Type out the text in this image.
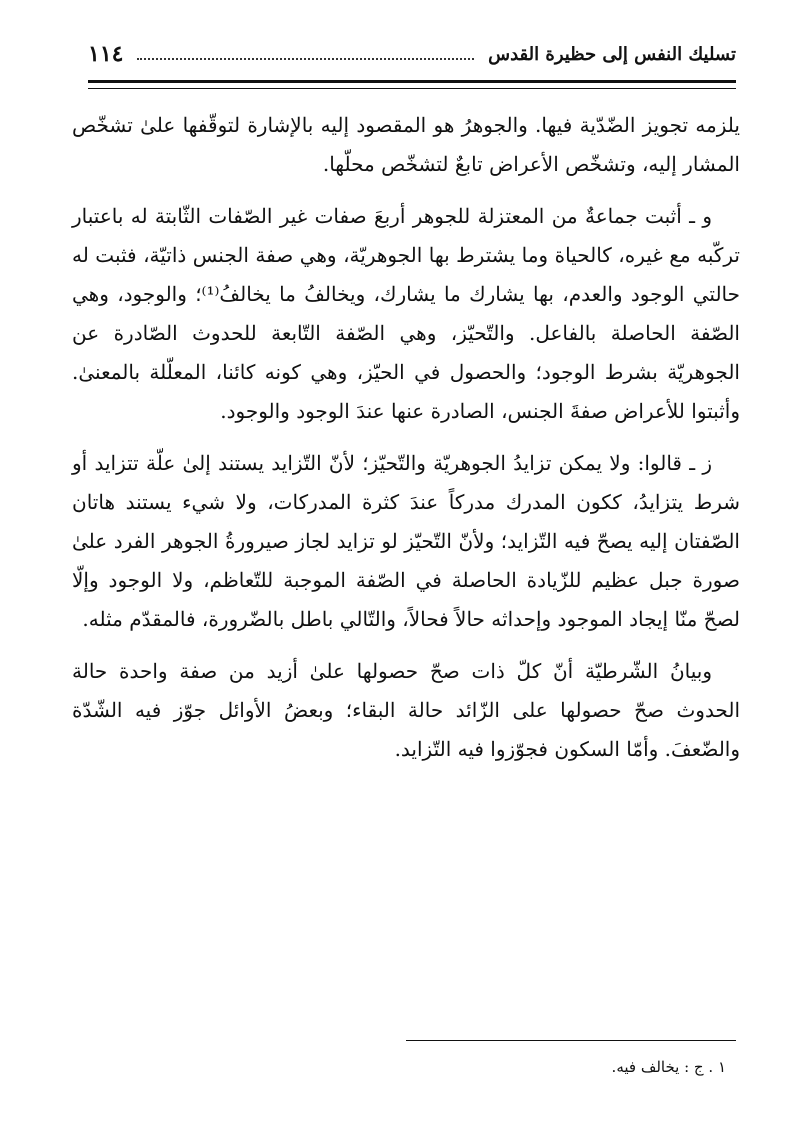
١١٤	تسليك النفس إلى حظيرة القدس

يلزمه تجويز الضّدّية فيها. والجوهرُ هو المقصود إليه بالإشارة لتوقّفها علىٰ تشخّص المشار إليه، وتشخّص الأعراض تابعٌ لتشخّص محلّها.

و ـ أثبت جماعةٌ من المعتزلة للجوهر أربعَ صفات غير الصّفات الثّابتة له باعتبار تركّبه مع غيره، كالحياة وما يشترط بها الجوهريّة، وهي صفة الجنس ذاتيّة، فثبت له حالتي الوجود والعدم، بها يشارك ما يشارك، ويخالفُ ما يخالفُ⁽¹⁾؛ والوجود، وهي الصّفة الحاصلة بالفاعل. والتّحيّز، وهي الصّفة التّابعة للحدوث الصّادرة عن الجوهريّة بشرط الوجود؛ والحصول في الحيّز، وهي كونه كائنا، المعلّلة بالمعنىٰ. وأثبتوا للأعراض صفةَ الجنس، الصادرة عنها عندَ الوجود والوجود.

ز ـ قالوا: ولا يمكن تزايدُ الجوهريّة والتّحيّز؛ لأنّ التّزايد يستند إلىٰ علّة تتزايد أو شرط يتزايدُ، ككون المدرك مدركاً عندَ كثرة المدركات، ولا شيء يستند هاتان الصّفتان إليه يصحّ فيه التّزايد؛ ولأنّ التّحيّز لو تزايد لجاز صيرورةُ الجوهر الفرد علىٰ صورة جبل عظيم للزّيادة الحاصلة في الصّفة الموجبة للتّعاظم، ولا الوجود وإلّا لصحّ منّا إيجاد الموجود وإحداثه حالاً فحالاً، والتّالي باطل بالضّرورة، فالمقدّم مثله.

وبيانُ الشّرطيّة أنّ كلّ ذات صحّ حصولها علىٰ أزيد من صفة واحدة حالة الحدوث صحّ حصولها على الزّائد حالة البقاء؛ وبعضُ الأوائل جوّز فيه الشّدّة والضّعفَ. وأمّا السكون فجوّزوا فيه التّزايد.

١ . ج : يخالف فيه.
